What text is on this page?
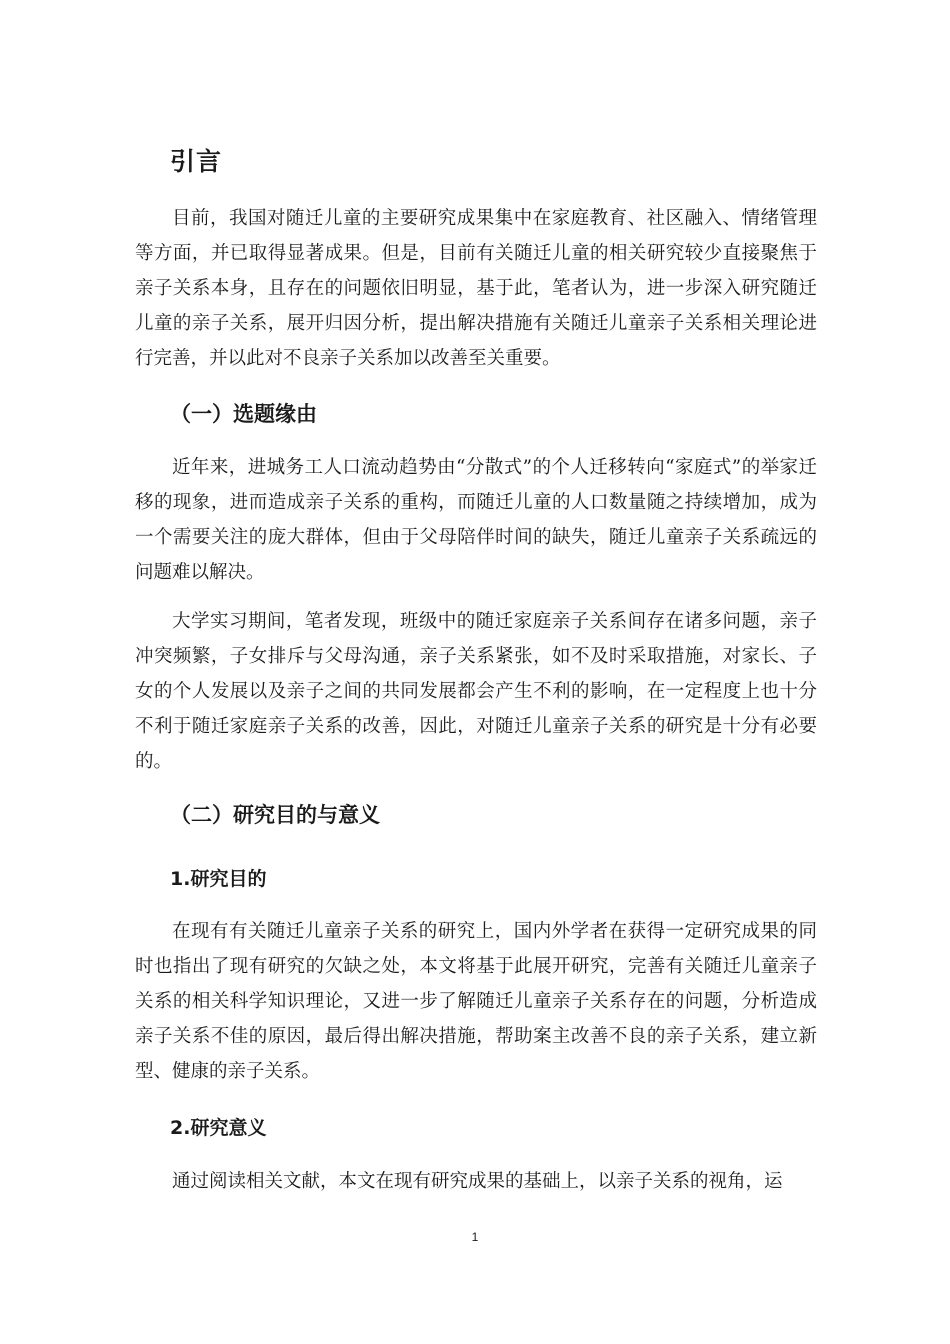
引言

目前，我国对随迁儿童的主要研究成果集中在家庭教育、社区融入、情绪管理等方面，并已取得显著成果。但是，目前有关随迁儿童的相关研究较少直接聚焦于亲子关系本身，且存在的问题依旧明显，基于此，笔者认为，进一步深入研究随迁儿童的亲子关系，展开归因分析，提出解决措施有关随迁儿童亲子关系相关理论进行完善，并以此对不良亲子关系加以改善至关重要。

（一）选题缘由

近年来，进城务工人口流动趋势由“分散式”的个人迁移转向“家庭式”的举家迁移的现象，进而造成亲子关系的重构，而随迁儿童的人口数量随之持续增加，成为一个需要关注的庞大群体，但由于父母陪伴时间的缺失，随迁儿童亲子关系疏远的问题难以解决。

大学实习期间，笔者发现，班级中的随迁家庭亲子关系间存在诸多问题，亲子冲突频繁，子女排斥与父母沟通，亲子关系紧张，如不及时采取措施，对家长、子女的个人发展以及亲子之间的共同发展都会产生不利的影响，在一定程度上也十分不利于随迁家庭亲子关系的改善，因此，对随迁儿童亲子关系的研究是十分有必要的。

（二）研究目的与意义
1.研究目的

在现有有关随迁儿童亲子关系的研究上，国内外学者在获得一定研究成果的同时也指出了现有研究的欠缺之处，本文将基于此展开研究，完善有关随迁儿童亲子关系的相关科学知识理论，又进一步了解随迁儿童亲子关系存在的问题，分析造成亲子关系不佳的原因，最后得出解决措施，帮助案主改善不良的亲子关系，建立新型、健康的亲子关系。

2.研究意义

通过阅读相关文献，本文在现有研究成果的基础上，以亲子关系的视角，运

1
